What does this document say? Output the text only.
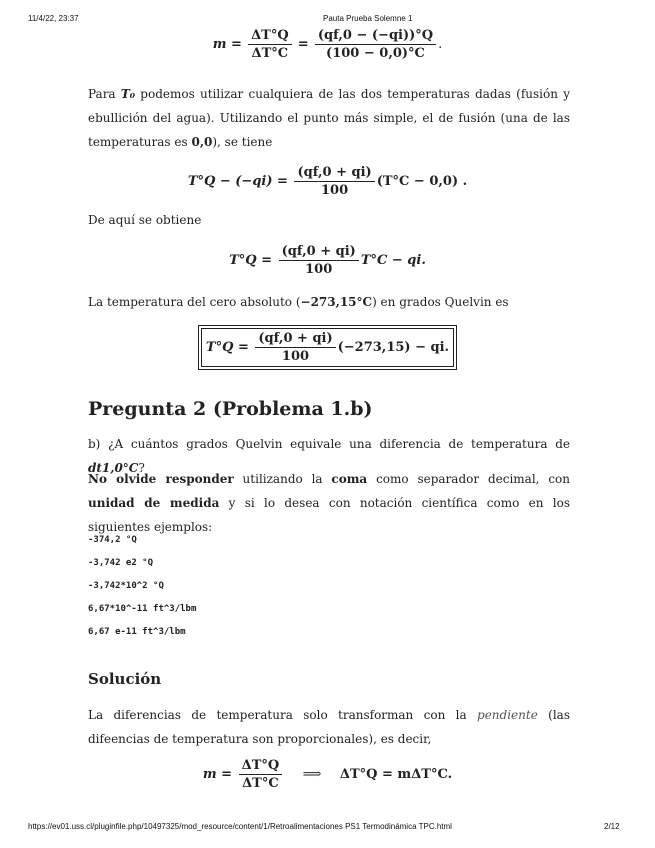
11/4/22, 23:37	Pauta Prueba Solemne 1
$m = \frac{\Delta T^\circ Q}{\Delta T^\circ C} = \frac{(qf,0 - (-qi))^\circ Q}{(100 - 0,0)^\circ C}$ .
Para T₀ podemos utilizar cualquiera de las dos temperaturas dadas (fusión y ebullición del agua). Utilizando el punto más simple, el de fusión (una de las temperaturas es 0,0), se tiene
$T^\circ Q - (-qi) = \frac{(qf,0 + qi)}{100} (T^\circ C - 0,0)$ .
De aquí se obtiene
$T^\circ Q = \frac{(qf,0 + qi)}{100} T^\circ C$ − qi.
La temperatura del cero absoluto (−273,15°C) en grados Quelvin es
$T^\circ Q = \frac{(qf,0 + qi)}{100} (-273,15)$ − qi.
Pregunta 2 (Problema 1.b)
b) ¿A cuántos grados Quelvin equivale una diferencia de temperatura de dt1,0°C?
No olvide responder utilizando la coma como separador decimal, con unidad de medida y si lo desea con notación científica como en los siguientes ejemplos:
-374,2 °Q
-3,742 e2 °Q
-3,742*10^2 °Q
6,67*10^-11 ft^3/lbm
6,67 e-11 ft^3/lbm
Solución
La diferencias de temperatura solo transforman con la pendiente (las difeencias de temperatura son proporcionales), es decir,
$m = \frac{\Delta T^\circ Q}{\Delta T^\circ C}$ ⟹ ΔT°Q = mΔT°C.
https://ev01.uss.cl/pluginfile.php/10497325/mod_resource/content/1/Retroalimentaciones PS1 Termodinámica TPC.html	2/12
